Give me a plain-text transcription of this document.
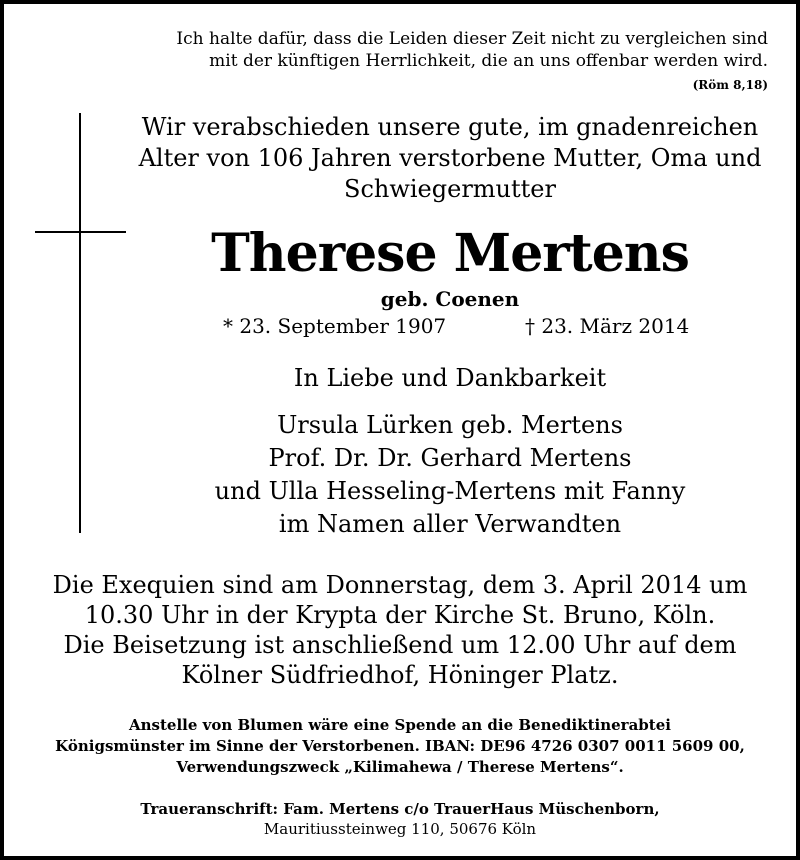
Ich halte dafür, dass die Leiden dieser Zeit nicht zu vergleichen sind
mit der künftigen Herrlichkeit, die an uns offenbar werden wird.
(Röm 8,18)
Wir verabschieden unsere gute, im gnadenreichen
Alter von 106 Jahren verstorbene Mutter, Oma und
Schwiegermutter
Therese Mertens
geb. Coenen
* 23. September 1907	† 23. März 2014
In Liebe und Dankbarkeit
Ursula Lürken geb. Mertens
Prof. Dr. Dr. Gerhard Mertens
und Ulla Hesseling-Mertens mit Fanny
im Namen aller Verwandten
Die Exequien sind am Donnerstag, dem 3. April 2014 um
10.30 Uhr in der Krypta der Kirche St. Bruno, Köln.
Die Beisetzung ist anschließend um 12.00 Uhr auf dem
Kölner Südfriedhof, Höninger Platz.
Anstelle von Blumen wäre eine Spende an die Benediktinerabtei
Königsmünster im Sinne der Verstorbenen. IBAN: DE96 4726 0307 0011 5609 00,
Verwendungszweck „Kilimahewa / Therese Mertens“.
Traueranschrift: Fam. Mertens c/o TrauerHaus Müschenborn,
Mauritiussteinweg 110, 50676 Köln
